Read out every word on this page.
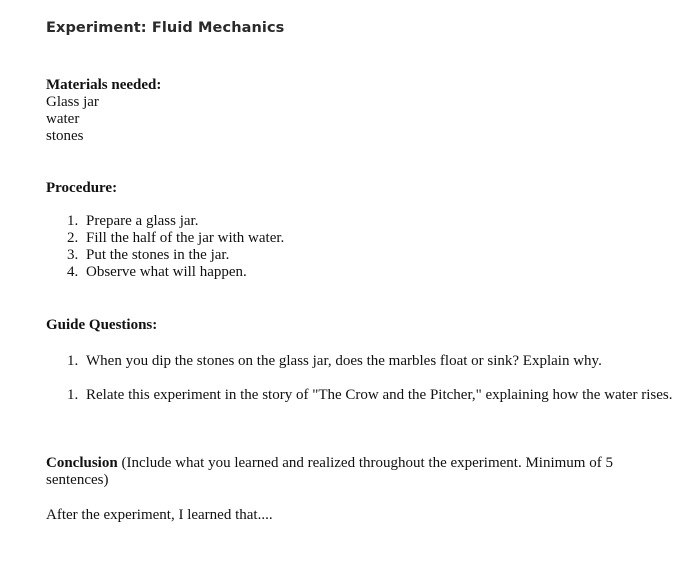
Experiment: Fluid Mechanics
Materials needed:
Glass jar
water
stones
Procedure:
1. Prepare a glass jar.
2. Fill the half of the jar with water.
3. Put the stones in the jar.
4. Observe what will happen.
Guide Questions:
1. When you dip the stones on the glass jar, does the marbles float or sink? Explain why.
1. Relate this experiment in the story of "The Crow and the Pitcher," explaining how the water rises.
Conclusion (Include what you learned and realized throughout the experiment. Minimum of 5 sentences)
After the experiment, I learned that....
